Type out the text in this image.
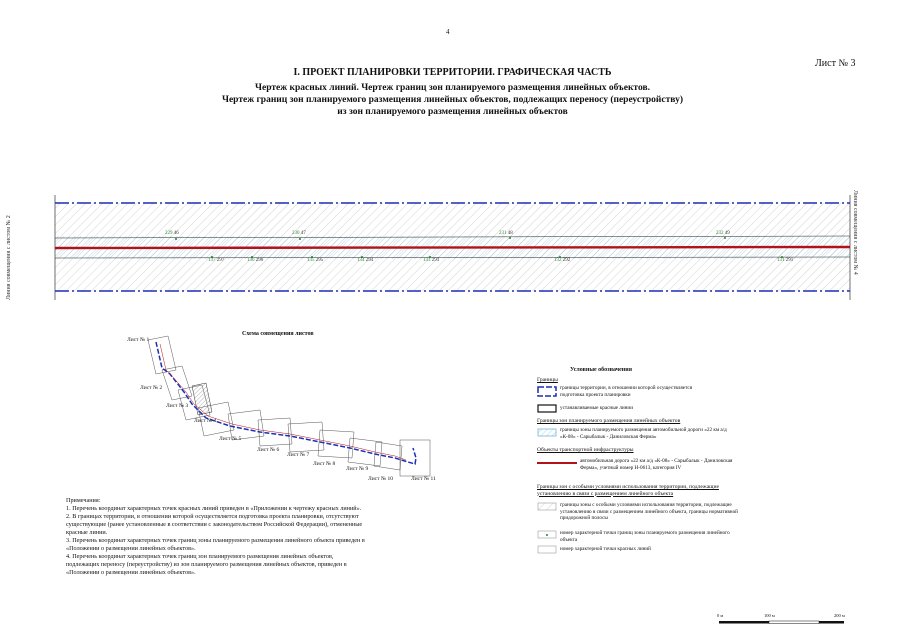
4
Лист № 3
I. ПРОЕКТ ПЛАНИРОВКИ ТЕРРИТОРИИ. ГРАФИЧЕСКАЯ ЧАСТЬ
Чертеж красных линий. Чертеж границ зон планируемого размещения линейных объектов.
Чертеж границ зон планируемого размещения линейных объектов, подлежащих переносу (переустройству)
из зон планируемого размещения линейных объектов
229 46	230 47	231 48	232 49
137 297	136 296	135 295	134 294	133 293	132 292	131 291
Линия совмещения с листом № 2	Линия совмещения с листом № 4
Схема совмещения листов
Лист № 1
Лист № 2
Лист № 3
Лист № 4
Лист № 5
Лист № 6
Лист № 7
Лист № 8
Лист № 9
Лист № 10	Лист № 11
Примечания:
1. Перечень координат характерных точек красных линий приведен в «Приложении к чертежу красных линий».
2. В границах территории, в отношении которой осуществляется подготовка проекта планировки, отсутствуют существующие (ранее установленные в соответствии с законодательством Российской Федерации), отмененные красные линии.
3. Перечень координат характерных точек границ зоны планируемого размещения линейного объекта приведен в «Положении о размещении линейных объектов».
4. Перечень координат характерных точек границ зон планируемого размещения линейных объектов, подлежащих переносу (переустройству) из зон планируемого размещения линейных объектов, приведен в «Положении о размещении линейных объектов».
Условные обозначения
Границы
границы территории, в отношении которой осуществляется подготовка проекта планировки
устанавливаемые красные линии
Границы зон планируемого размещения линейных объектов
границы зоны планируемого размещения автомобильной дороги «22 км а/д «К-08» - Сарыбалык - Даниловская Ферма»
Объекты транспортной инфраструктуры
автомобильная дорога «22 км а/д «К-08» - Сарыбалык - Даниловская Ферма», учетный номер Н-0613, категория IV
Границы зон с особыми условиями использования территории, подлежащие установлению в связи с размещением линейного объекта
границы зоны с особыми условиями использования территории, подлежащие установлению в связи с размещением линейного объекта, границы нормативной придорожной полосы
номер характерной точки границ зоны планируемого размещения линейного объекта
номер характерной точки красных линий
0 м	100 м	200 м
